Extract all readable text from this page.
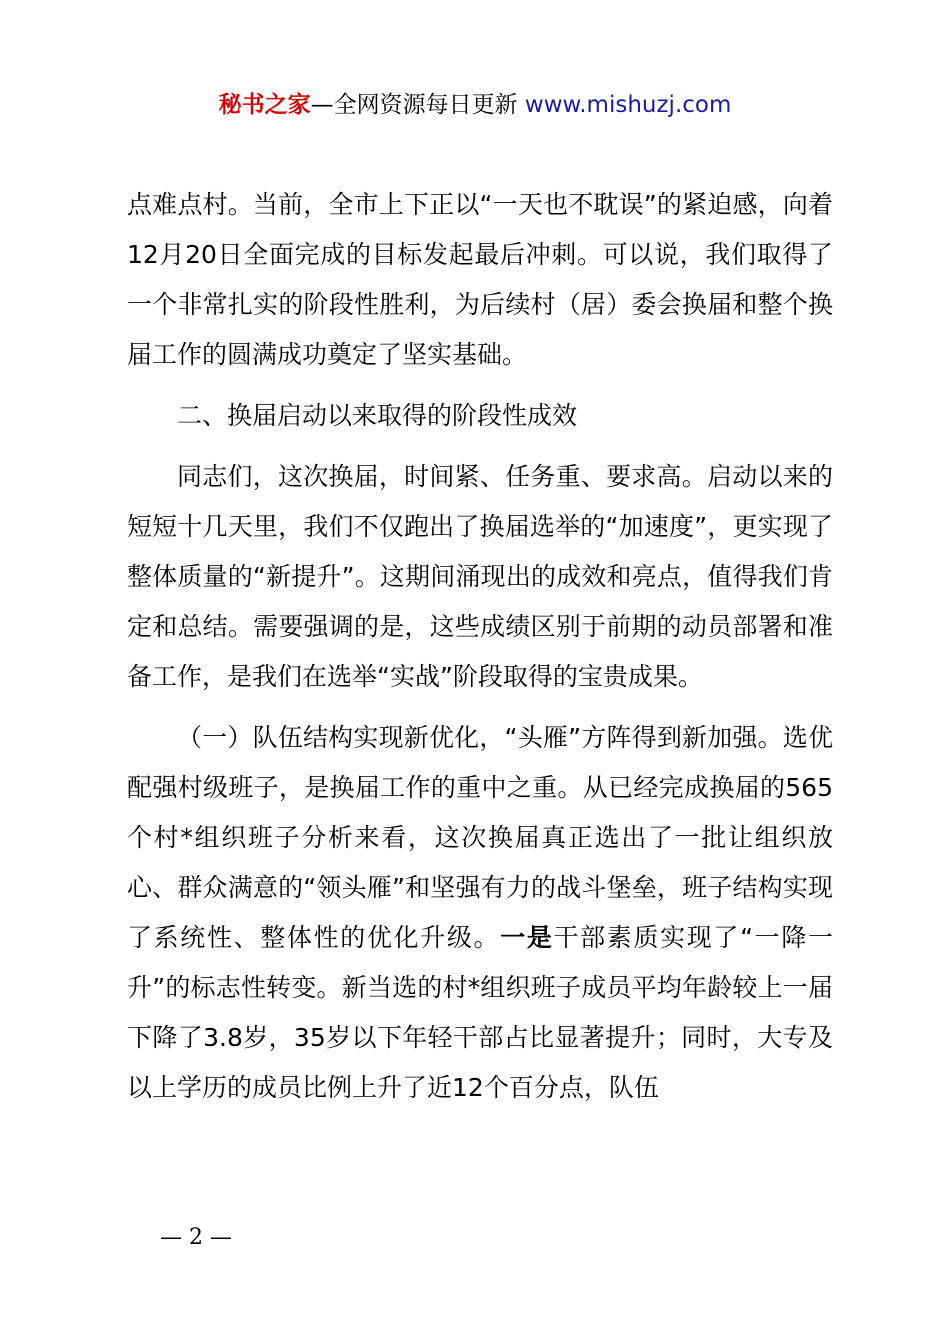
秘书之家—全网资源每日更新 www.mishuzj.com

点难点村。当前，全市上下正以“一天也不耽误”的紧迫感，向着12月20日全面完成的目标发起最后冲刺。可以说，我们取得了一个非常扎实的阶段性胜利，为后续村（居）委会换届和整个换届工作的圆满成功奠定了坚实基础。

二、换届启动以来取得的阶段性成效

同志们，这次换届，时间紧、任务重、要求高。启动以来的短短十几天里，我们不仅跑出了换届选举的“加速度”，更实现了整体质量的“新提升”。这期间涌现出的成效和亮点，值得我们肯定和总结。需要强调的是，这些成绩区别于前期的动员部署和准备工作，是我们在选举“实战”阶段取得的宝贵成果。

（一）队伍结构实现新优化，“头雁”方阵得到新加强。选优配强村级班子，是换届工作的重中之重。从已经完成换届的565个村*组织班子分析来看，这次换届真正选出了一批让组织放心、群众满意的“领头雁”和坚强有力的战斗堡垒，班子结构实现了系统性、整体性的优化升级。一是干部素质实现了“一降一升”的标志性转变。新当选的村*组织班子成员平均年龄较上一届下降了3.8岁，35岁以下年轻干部占比显著提升；同时，大专及以上学历的成员比例上升了近12个百分点，队伍

— 2 —
